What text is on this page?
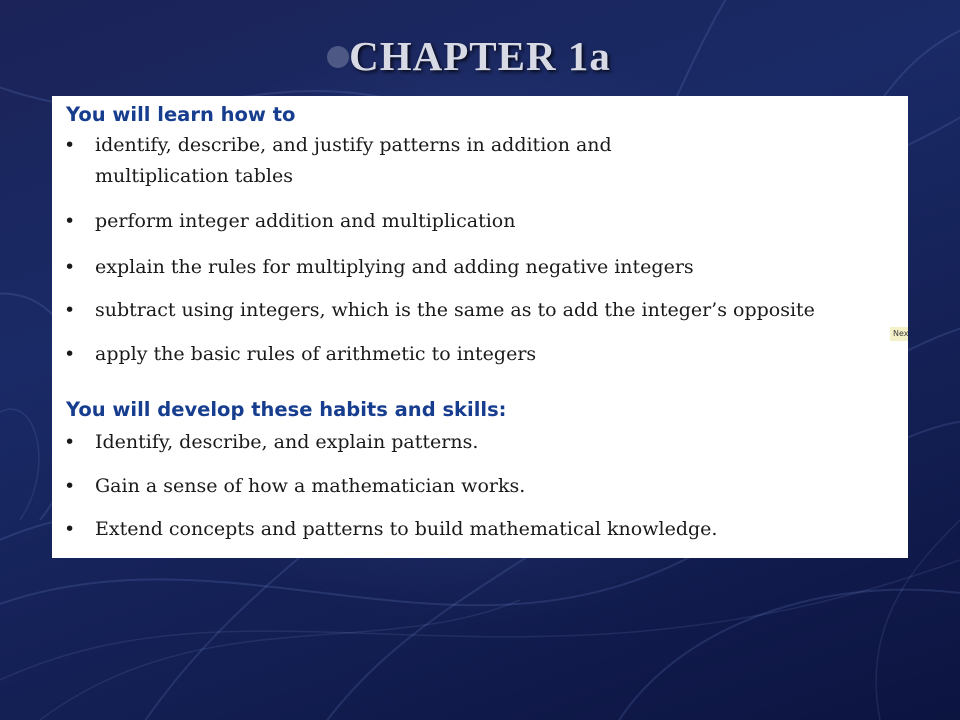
CHAPTER 1a
You will learn how to
• identify, describe, and justify patterns in addition and multiplication tables
• perform integer addition and multiplication
• explain the rules for multiplying and adding negative integers
• subtract using integers, which is the same as to add the integer’s opposite
• apply the basic rules of arithmetic to integers
You will develop these habits and skills:
• Identify, describe, and explain patterns.
• Gain a sense of how a mathematician works.
• Extend concepts and patterns to build mathematical knowledge.
Nex
